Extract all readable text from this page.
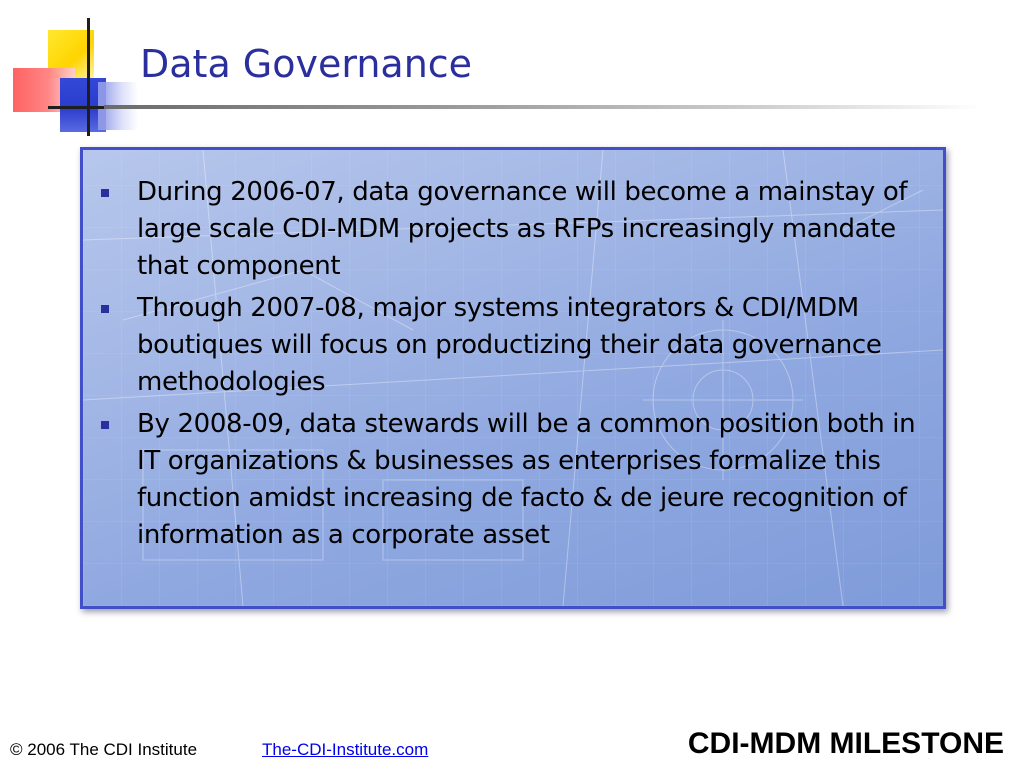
Data Governance
During 2006-07, data governance will become a mainstay of large scale CDI-MDM projects as RFPs increasingly mandate that component
Through 2007-08, major systems integrators & CDI/MDM boutiques will focus on productizing their data governance methodologies
By 2008-09, data stewards will be a common position both in IT organizations & businesses as enterprises formalize this function amidst increasing de facto & de jeure recognition of information as a corporate asset
© 2006 The CDI Institute	The-CDI-Institute.com	CDI-MDM MILESTONE
